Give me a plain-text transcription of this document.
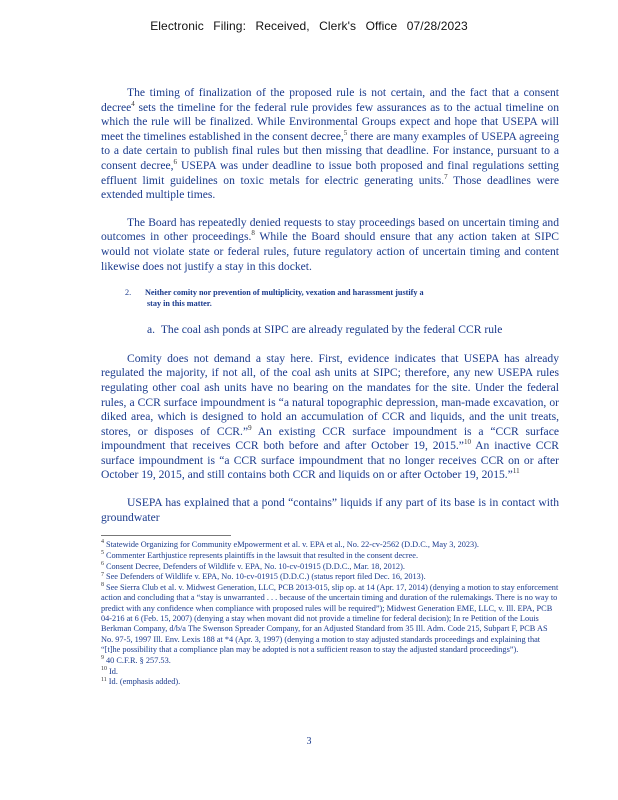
Electronic Filing: Received, Clerk's Office 07/28/2023

The timing of finalization of the proposed rule is not certain, and the fact that a consent decree$^4$ sets the timeline for the federal rule provides few assurances as to the actual timeline on which the rule will be finalized. While Environmental Groups expect and hope that USEPA will meet the timelines established in the consent decree,$^5$ there are many examples of USEPA agreeing to a date certain to publish final rules but then missing that deadline. For instance, pursuant to a consent decree,$^6$ USEPA was under deadline to issue both proposed and final regulations setting effluent limit guidelines on toxic metals for electric generating units.$^7$ Those deadlines were extended multiple times.

The Board has repeatedly denied requests to stay proceedings based on uncertain timing and outcomes in other proceedings.$^8$ While the Board should ensure that any action taken at SIPC would not violate state or federal rules, future regulatory action of uncertain timing and content likewise does not justify a stay in this docket.

2. Neither comity nor prevention of multiplicity, vexation and harassment justify a
stay in this matter.
a. The coal ash ponds at SIPC are already regulated by the federal CCR rule

Comity does not demand a stay here. First, evidence indicates that USEPA has already regulated the majority, if not all, of the coal ash units at SIPC; therefore, any new USEPA rules regulating other coal ash units have no bearing on the mandates for the site. Under the federal rules, a CCR surface impoundment is “a natural topographic depression, man-made excavation, or diked area, which is designed to hold an accumulation of CCR and liquids, and the unit treats, stores, or disposes of CCR.”$^9$ An existing CCR surface impoundment is a “CCR surface impoundment that receives CCR both before and after October 19, 2015.”$^{10}$ An inactive CCR surface impoundment is “a CCR surface impoundment that no longer receives CCR on or after October 19, 2015, and still contains both CCR and liquids on or after October 19, 2015.”$^{11}$

USEPA has explained that a pond “contains” liquids if any part of its base is in contact with groundwater

$^4$ Statewide Organizing for Community eMpowerment et al. v. EPA et al., No. 22-cv-2562 (D.D.C., May 3, 2023).
$^5$ Commenter Earthjustice represents plaintiffs in the lawsuit that resulted in the consent decree.
$^6$ Consent Decree, Defenders of Wildlife v. EPA, No. 10-cv-01915 (D.D.C., Mar. 18, 2012).
$^7$ See Defenders of Wildlife v. EPA, No. 10-cv-01915 (D.D.C.) (status report filed Dec. 16, 2013).
$^8$ See Sierra Club et al. v. Midwest Generation, LLC, PCB 2013-015, slip op. at 14 (Apr. 17, 2014) (denying a motion to stay enforcement action and concluding that a “stay is unwarranted . . . because of the uncertain timing and duration of the rulemakings. There is no way to predict with any confidence when compliance with proposed rules will be required”); Midwest Generation EME, LLC, v. Ill. EPA, PCB 04-216 at 6 (Feb. 15, 2007) (denying a stay when movant did not provide a timeline for federal decision); In re Petition of the Louis Berkman Company, d/b/a The Swenson Spreader Company, for an Adjusted Standard from 35 Ill. Adm. Code 215, Subpart F, PCB AS No. 97-5, 1997 Ill. Env. Lexis 188 at *4 (Apr. 3, 1997) (denying a motion to stay adjusted standards proceedings and explaining that “[t]he possibility that a compliance plan may be adopted is not a sufficient reason to stay the adjusted standard proceedings”).
$^9$ 40 C.F.R. § 257.53.
$^{10}$ Id.
$^{11}$ Id. (emphasis added).
3
